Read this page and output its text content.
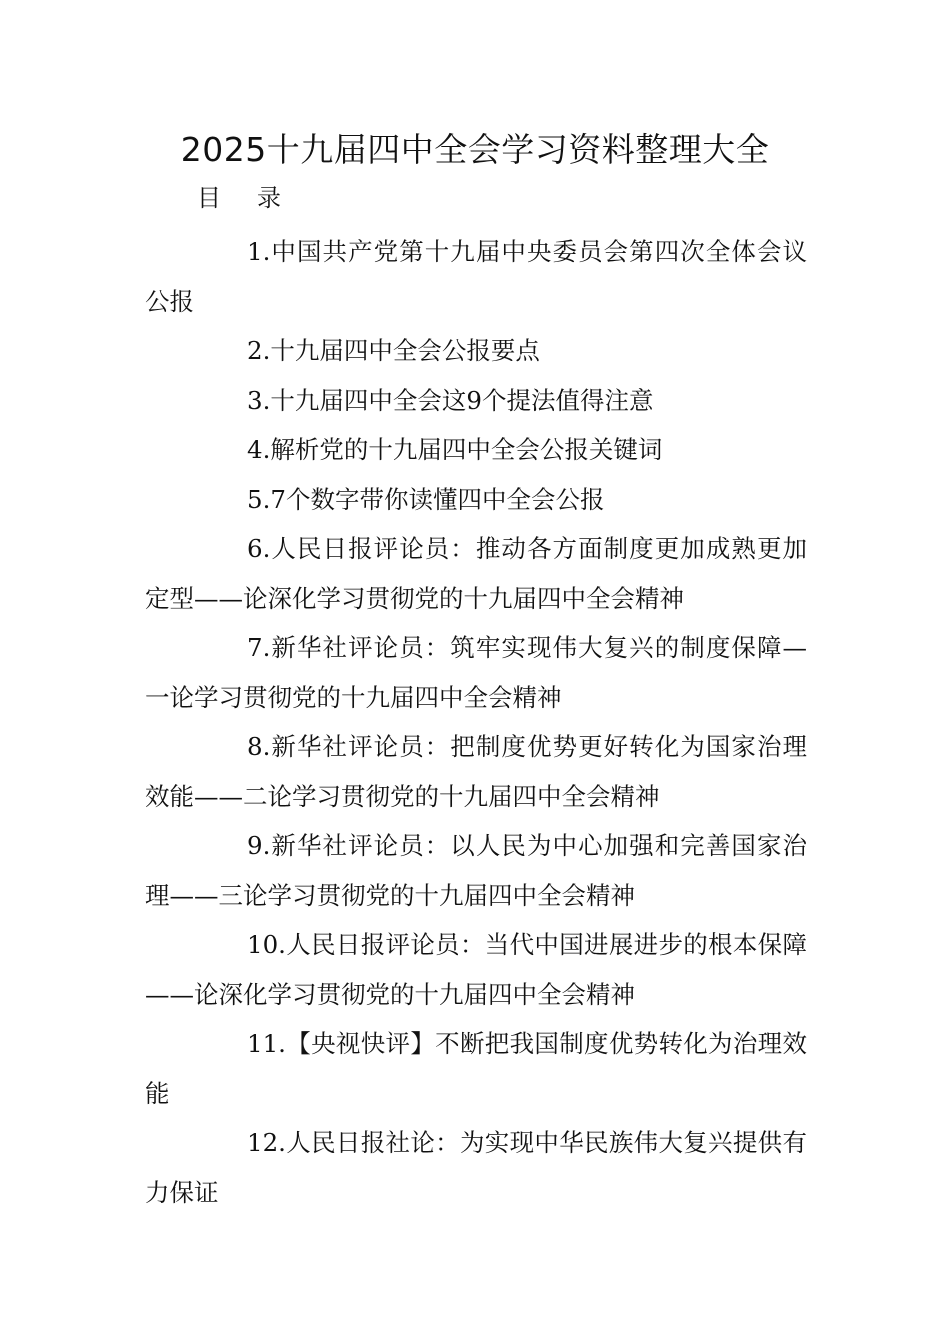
2025十九届四中全会学习资料整理大全
目录
1.中国共产党第十九届中央委员会第四次全体会议公报
2.十九届四中全会公报要点
3.十九届四中全会这9个提法值得注意
4.解析党的十九届四中全会公报关键词
5.7个数字带你读懂四中全会公报
6.人民日报评论员：推动各方面制度更加成熟更加定型——论深化学习贯彻党的十九届四中全会精神
7.新华社评论员：筑牢实现伟大复兴的制度保障—一论学习贯彻党的十九届四中全会精神
8.新华社评论员：把制度优势更好转化为国家治理效能——二论学习贯彻党的十九届四中全会精神
9.新华社评论员：以人民为中心加强和完善国家治理——三论学习贯彻党的十九届四中全会精神
10.人民日报评论员：当代中国进展进步的根本保障——论深化学习贯彻党的十九届四中全会精神
11.【央视快评】不断把我国制度优势转化为治理效能
12.人民日报社论：为实现中华民族伟大复兴提供有力保证
